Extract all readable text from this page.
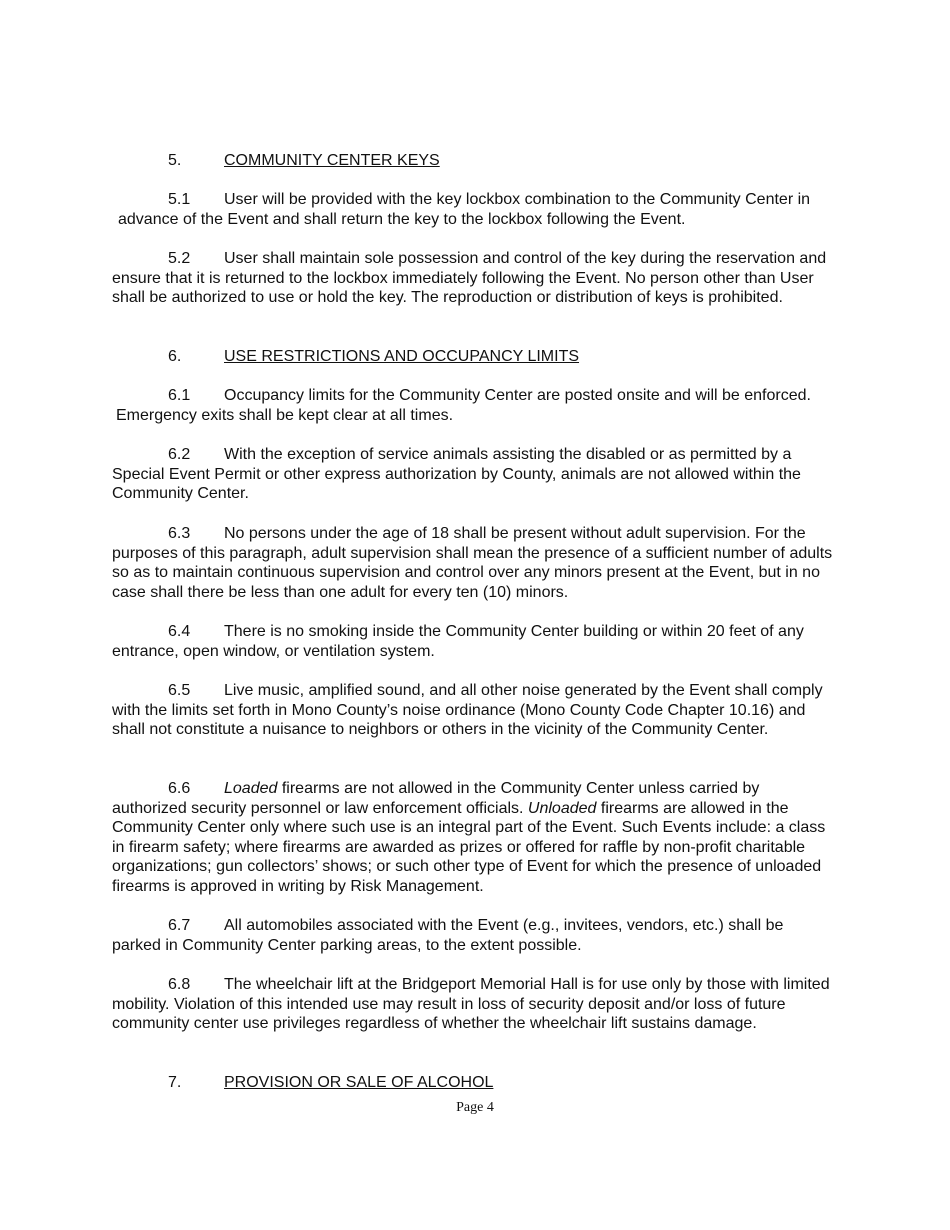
5.	COMMUNITY CENTER KEYS

5.1 User will be provided with the key lockbox combination to the Community Center in advance of the Event and shall return the key to the lockbox following the Event.

5.2 User shall maintain sole possession and control of the key during the reservation and ensure that it is returned to the lockbox immediately following the Event. No person other than User shall be authorized to use or hold the key. The reproduction or distribution of keys is prohibited.

6.	USE RESTRICTIONS AND OCCUPANCY LIMITS

6.1 Occupancy limits for the Community Center are posted onsite and will be enforced. Emergency exits shall be kept clear at all times.

6.2 With the exception of service animals assisting the disabled or as permitted by a Special Event Permit or other express authorization by County, animals are not allowed within the Community Center.

6.3 No persons under the age of 18 shall be present without adult supervision. For the purposes of this paragraph, adult supervision shall mean the presence of a sufficient number of adults so as to maintain continuous supervision and control over any minors present at the Event, but in no case shall there be less than one adult for every ten (10) minors.

6.4 There is no smoking inside the Community Center building or within 20 feet of any entrance, open window, or ventilation system.

6.5 Live music, amplified sound, and all other noise generated by the Event shall comply with the limits set forth in Mono County’s noise ordinance (Mono County Code Chapter 10.16) and shall not constitute a nuisance to neighbors or others in the vicinity of the Community Center.

6.6 Loaded firearms are not allowed in the Community Center unless carried by authorized security personnel or law enforcement officials. Unloaded firearms are allowed in the Community Center only where such use is an integral part of the Event. Such Events include: a class in firearm safety; where firearms are awarded as prizes or offered for raffle by non-profit charitable organizations; gun collectors’ shows; or such other type of Event for which the presence of unloaded firearms is approved in writing by Risk Management.

6.7 All automobiles associated with the Event (e.g., invitees, vendors, etc.) shall be parked in Community Center parking areas, to the extent possible.

6.8 The wheelchair lift at the Bridgeport Memorial Hall is for use only by those with limited mobility. Violation of this intended use may result in loss of security deposit and/or loss of future community center use privileges regardless of whether the wheelchair lift sustains damage.

7.	PROVISION OR SALE OF ALCOHOL
Page 4
